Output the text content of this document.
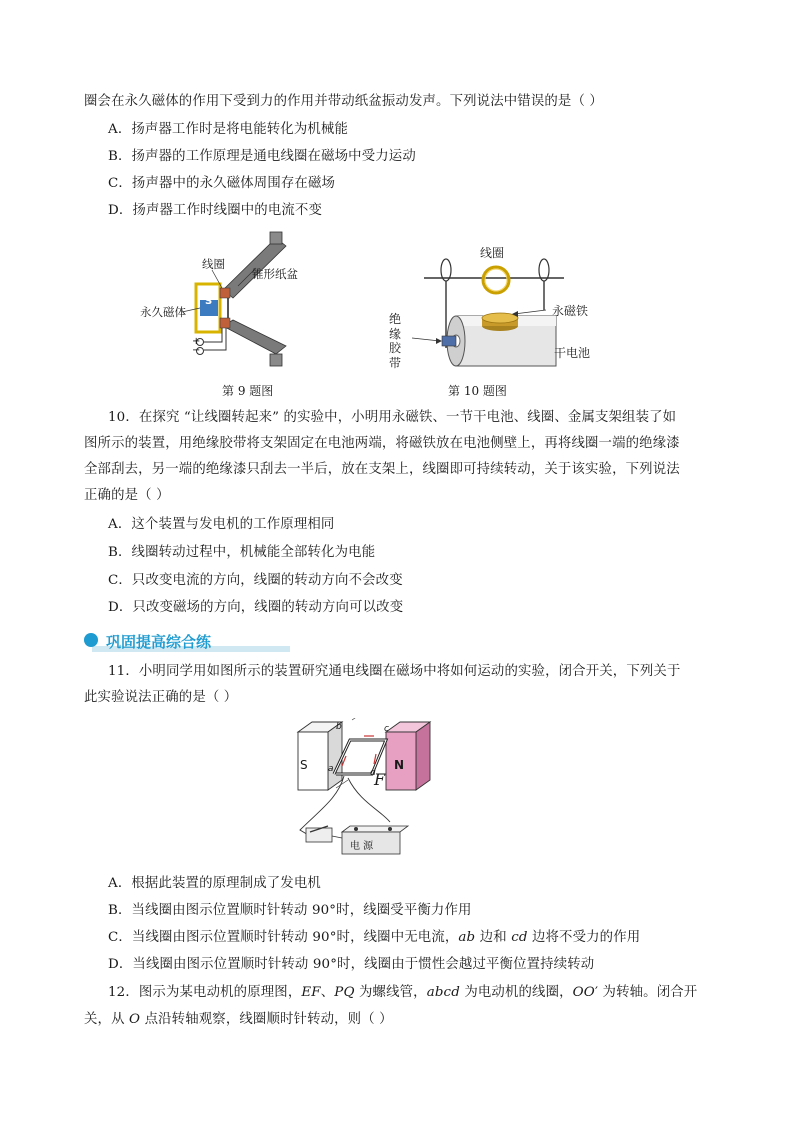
圈会在永久磁体的作用下受到力的作用并带动纸盆振动发声。下列说法中错误的是（ ）
A．扬声器工作时是将电能转化为机械能
B．扬声器的工作原理是通电线圈在磁场中受力运动
C．扬声器中的永久磁体周围存在磁场
D．扬声器工作时线圈中的电流不变
线圈
锥形纸盆
永久磁体
S
+
−
第 9 题图
线圈
永磁铁
绝缘胶带
干电池
第 10 题图
10．在探究 “让线圈转起来” 的实验中，小明用永磁铁、一节干电池、线圈、金属支架组装了如
图所示的装置，用绝缘胶带将支架固定在电池两端，将磁铁放在电池侧壁上，再将线圈一端的绝缘漆
全部刮去，另一端的绝缘漆只刮去一半后，放在支架上，线圈即可持续转动，关于该实验，下列说法
正确的是（ ）
A．这个装置与发电机的工作原理相同
B．线圈转动过程中，机械能全部转化为电能
C．只改变电流的方向，线圈的转动方向不会改变
D．只改变磁场的方向，线圈的转动方向可以改变
巩固提高综合练
11．小明同学用如图所示的装置研究通电线圈在磁场中将如何运动的实验，闭合开关，下列关于
此实验说法正确的是（ ）
S	N
a
b	c
d
F
电 源
A．根据此装置的原理制成了发电机
B．当线圈由图示位置顺时针转动 90°时，线圈受平衡力作用
C．当线圈由图示位置顺时针转动 90°时，线圈中无电流，ab 边和 cd 边将不受力的作用
D．当线圈由图示位置顺时针转动 90°时，线圈由于惯性会越过平衡位置持续转动
12．图示为某电动机的原理图，EF、PQ 为螺线管，abcd 为电动机的线圈，OO′ 为转轴。闭合开
关，从 O 点沿转轴观察，线圈顺时针转动，则（ ）
